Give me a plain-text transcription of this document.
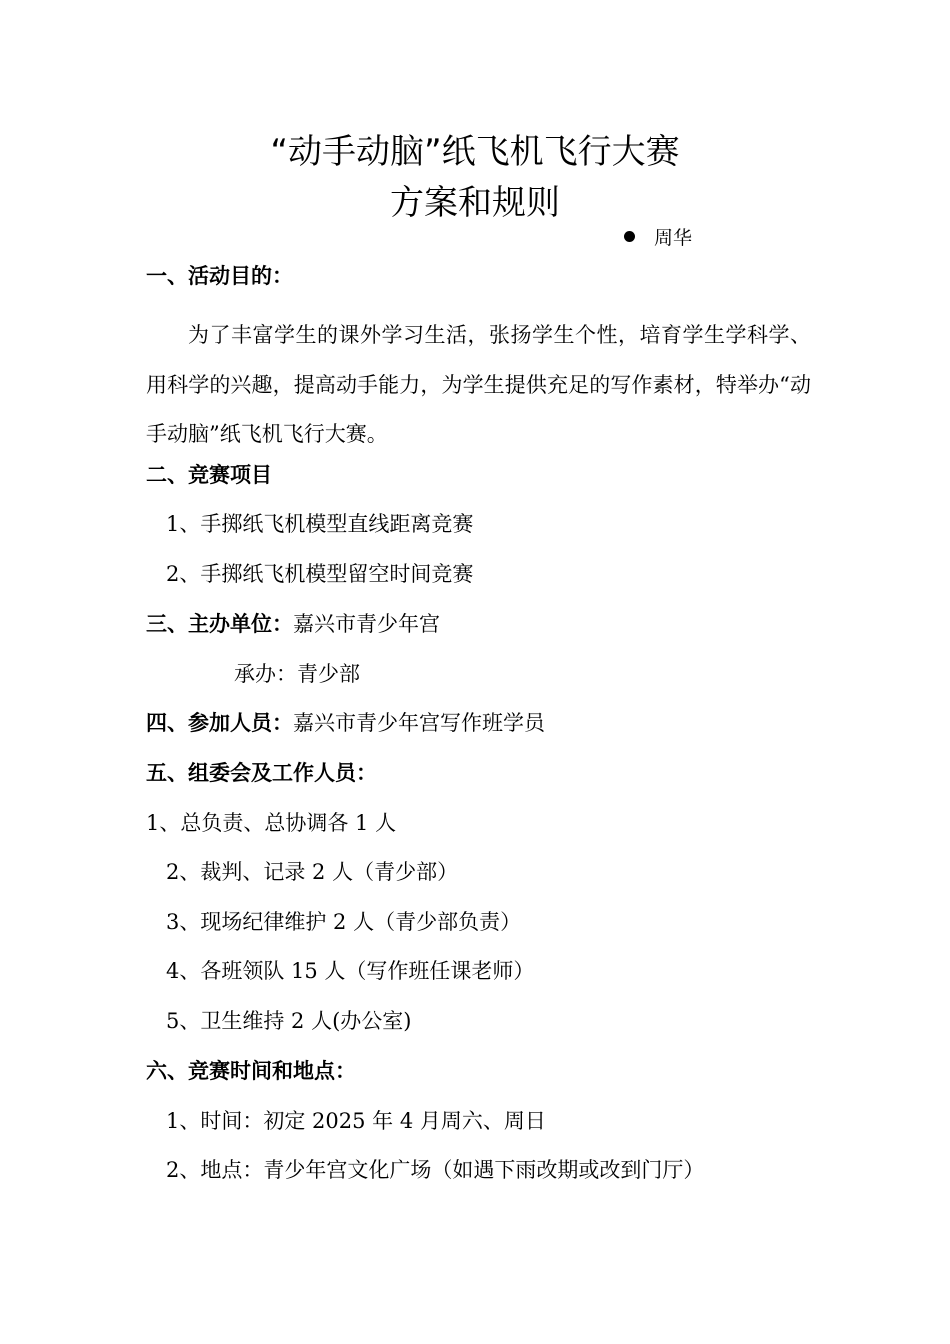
“动手动脑”纸飞机飞行大赛
方案和规则
周华
一、活动目的：
为了丰富学生的课外学习生活，张扬学生个性，培育学生学科学、用科学的兴趣，提高动手能力，为学生提供充足的写作素材，特举办“动手动脑”纸飞机飞行大赛。
二、竞赛项目
1、手掷纸飞机模型直线距离竞赛
2、手掷纸飞机模型留空时间竞赛
三、主办单位：嘉兴市青少年宫
承办：青少部
四、参加人员：嘉兴市青少年宫写作班学员
五、组委会及工作人员：
1、总负责、总协调各 1 人
2、裁判、记录 2 人（青少部）
3、现场纪律维护 2 人（青少部负责）
4、各班领队 15 人（写作班任课老师）
5、卫生维持 2 人(办公室)
六、竞赛时间和地点：
1、时间：初定 2025 年 4 月周六、周日
2、地点：青少年宫文化广场（如遇下雨改期或改到门厅）
